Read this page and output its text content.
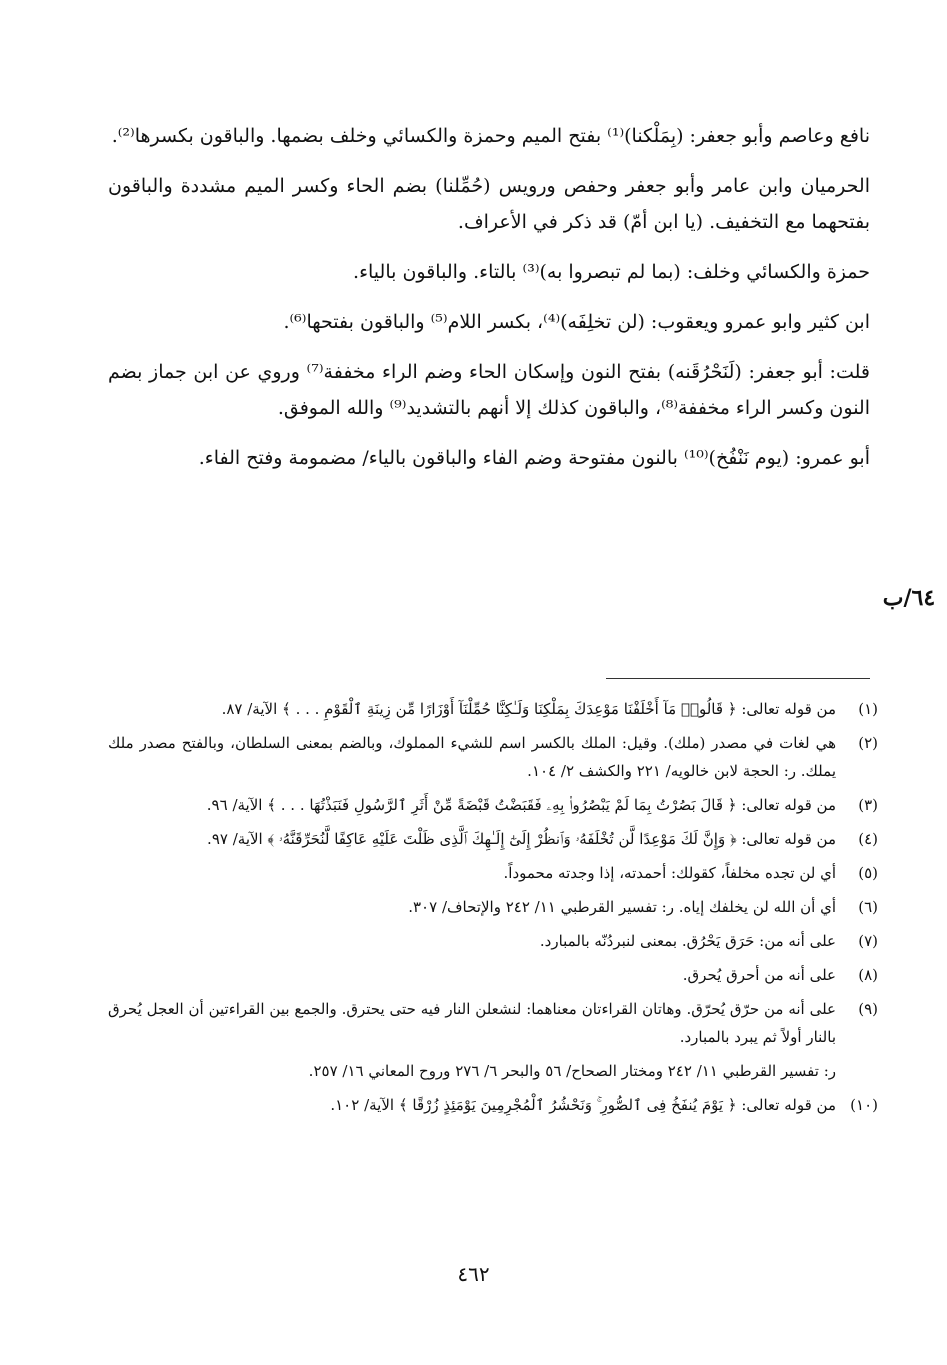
نافع وعاصم وأبو جعفر: (بِمَلْكنا)⁽¹⁾ بفتح الميم وحمزة والكسائي وخلف بضمها. والباقون بكسرها⁽²⁾.

الحرميان وابن عامر وأبو جعفر وحفص ورويس (حُمِّلنا) بضم الحاء وكسر الميم مشددة والباقون بفتحهما مع التخفيف. (يا ابن أمّ) قد ذكر في الأعراف.

حمزة والكسائي وخلف: (بما لم تبصروا به)⁽³⁾ بالتاء. والباقون بالياء.

ابن كثير وابو عمرو ويعقوب: (لن تخلِفَه)⁽⁴⁾، بكسر اللام⁽⁵⁾ والباقون بفتحها⁽⁶⁾.

قلت: أبو جعفر: (لَنَحْرُقَنه) بفتح النون وإسكان الحاء وضم الراء مخففة⁽⁷⁾ وروي عن ابن جماز بضم النون وكسر الراء مخففة⁽⁸⁾، والباقون كذلك إلا أنهم بالتشديد⁽⁹⁾ والله الموفق.

أبو عمرو: (يوم نَنْفُخ)⁽¹⁰⁾ بالنون مفتوحة وضم الفاء والباقون بالياء/ مضمومة وفتح الفاء.

٦٤/ب
(١)
من قوله تعالى: ﴿ قَالُوا۟ مَآ أَخْلَفْنَا مَوْعِدَكَ بِمَلْكِنَا وَلَـٰكِنَّا حُمِّلْنَآ أَوْزَارًا مِّن زِينَةِ ٱلْقَوْمِ . . . ﴾ الآية/ ٨٧.
(٢)
هي لغات في مصدر (ملك). وقيل: الملك بالكسر اسم للشيء المملوك، وبالضم بمعنى السلطان، وبالفتح مصدر ملك يملك. ر: الحجة لابن خالويه/ ٢٢١ والكشف ٢/ ١٠٤.
(٣)
من قوله تعالى: ﴿ قَالَ بَصُرْتُ بِمَا لَمْ يَبْصُرُوا۟ بِهِۦ فَقَبَضْتُ قَبْضَةً مِّنْ أَثَرِ ٱلرَّسُولِ فَنَبَذْتُهَا . . . ﴾ الآية/ ٩٦.
(٤)
من قوله تعالى: ﴿ وَإِنَّ لَكَ مَوْعِدًا لَّن تُخْلَفَهُۥ وَٱنظُرْ إِلَىٰٓ إِلَـٰهِكَ ٱلَّذِى ظَلْتَ عَلَيْهِ عَاكِفًا لَّنُحَرِّقَنَّهُۥ ﴾ الآية/ ٩٧.
(٥)
أي لن تجده مخلفاً، كقولك: أحمدته، إذا وجدته محموداً.
(٦)
أي أن الله لن يخلفك إياه. ر: تفسير القرطبي ١١/ ٢٤٢ والإتحاف/ ٣٠٧.
(٧)
على أنه من: حَرَق يَحْرُق. بمعنى لنبردُنّه بالمبارد.
(٨)
على أنه من أحرق يُحرق.
(٩)
على أنه من حرّق يُحرّق. وهاتان القراءتان معناهما: لنشعلن النار فيه حتى يحترق. والجمع بين القراءتين أن العجل يُحرق بالنار أولاً ثم يبرد بالمبارد.
ر: تفسير القرطبي ١١/ ٢٤٢ ومختار الصحاح/ ٥٦ والبحر ٦/ ٢٧٦ وروح المعاني ١٦/ ٢٥٧.
(١٠)
من قوله تعالى: ﴿ يَوْمَ يُنفَخُ فِى ٱلصُّورِ ۚ وَنَحْشُرُ ٱلْمُجْرِمِينَ يَوْمَئِذٍ زُرْقًا ﴾ الآية/ ١٠٢.
٤٦٢
